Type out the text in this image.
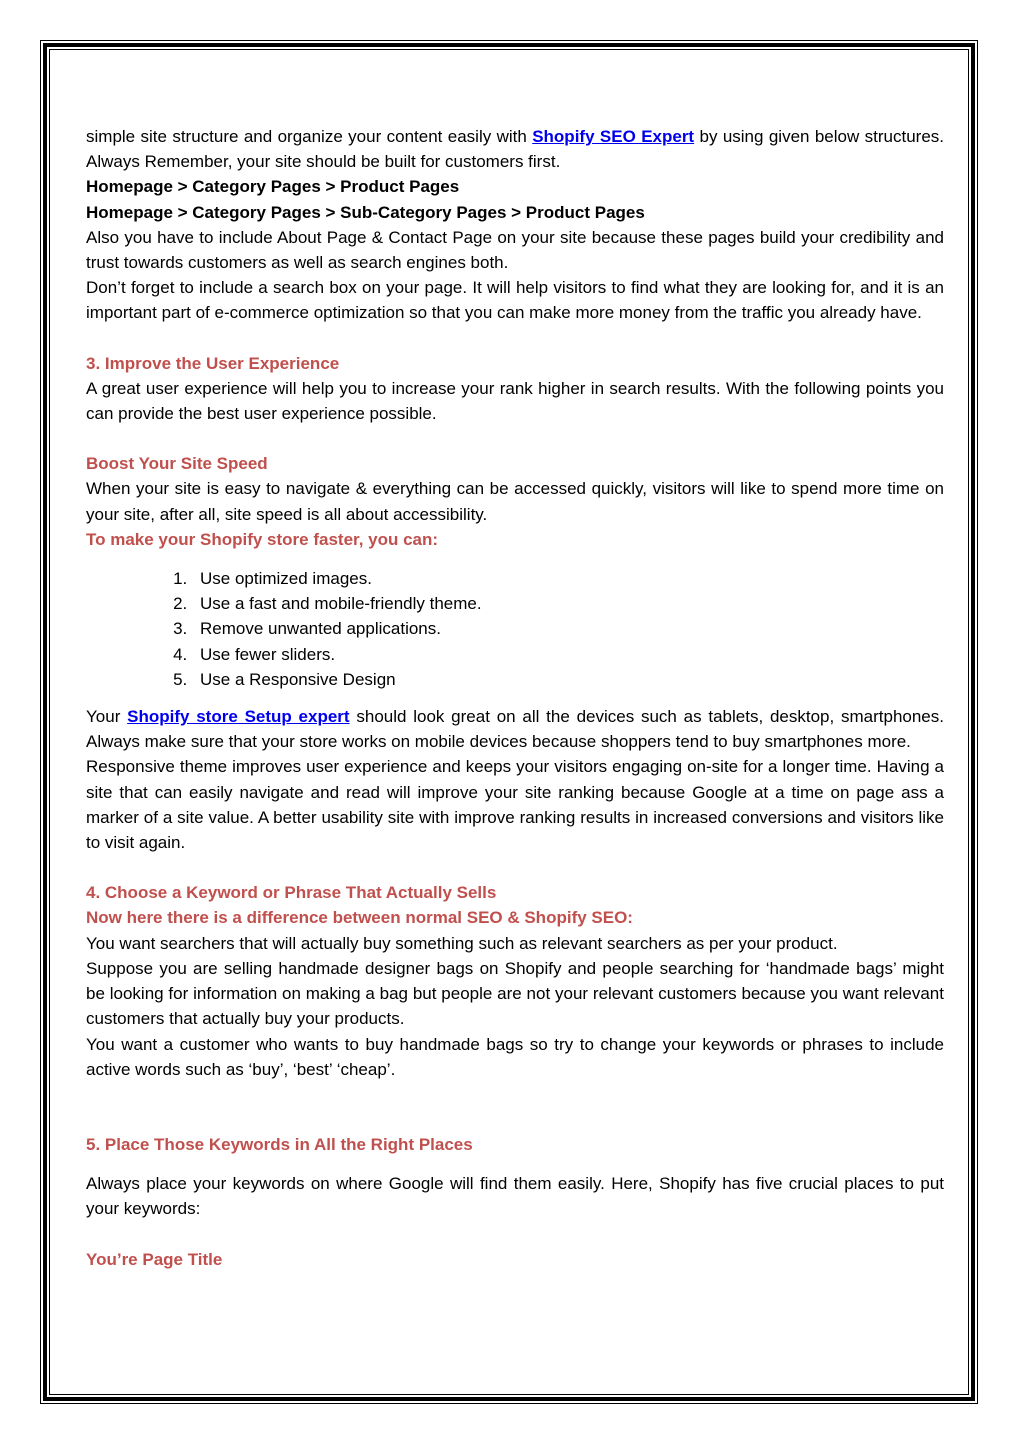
simple site structure and organize your content easily with Shopify SEO Expert by using given below structures. Always Remember, your site should be built for customers first.

Homepage > Category Pages > Product Pages

Homepage > Category Pages > Sub-Category Pages > Product Pages

Also you have to include About Page & Contact Page on your site because these pages build your credibility and trust towards customers as well as search engines both.

Don’t forget to include a search box on your page. It will help visitors to find what they are looking for, and it is an important part of e-commerce optimization so that you can make more money from the traffic you already have.

3. Improve the User Experience

A great user experience will help you to increase your rank higher in search results. With the following points you can provide the best user experience possible.

Boost Your Site Speed

When your site is easy to navigate & everything can be accessed quickly, visitors will like to spend more time on your site, after all, site speed is all about accessibility.

To make your Shopify store faster, you can:

1. Use optimized images.
2. Use a fast and mobile-friendly theme.
3. Remove unwanted applications.
4. Use fewer sliders.
5. Use a Responsive Design

Your Shopify store Setup expert should look great on all the devices such as tablets, desktop, smartphones. Always make sure that your store works on mobile devices because shoppers tend to buy smartphones more.

Responsive theme improves user experience and keeps your visitors engaging on-site for a longer time. Having a site that can easily navigate and read will improve your site ranking because Google at a time on page ass a marker of a site value. A better usability site with improve ranking results in increased conversions and visitors like to visit again.

4. Choose a Keyword or Phrase That Actually Sells

Now here there is a difference between normal SEO & Shopify SEO:

You want searchers that will actually buy something such as relevant searchers as per your product.

Suppose you are selling handmade designer bags on Shopify and people searching for ‘handmade bags’ might be looking for information on making a bag but people are not your relevant customers because you want relevant customers that actually buy your products.

You want a customer who wants to buy handmade bags so try to change your keywords or phrases to include active words such as ‘buy’, ‘best’ ‘cheap’.

5. Place Those Keywords in All the Right Places

Always place your keywords on where Google will find them easily. Here, Shopify has five crucial places to put your keywords:

You’re Page Title
